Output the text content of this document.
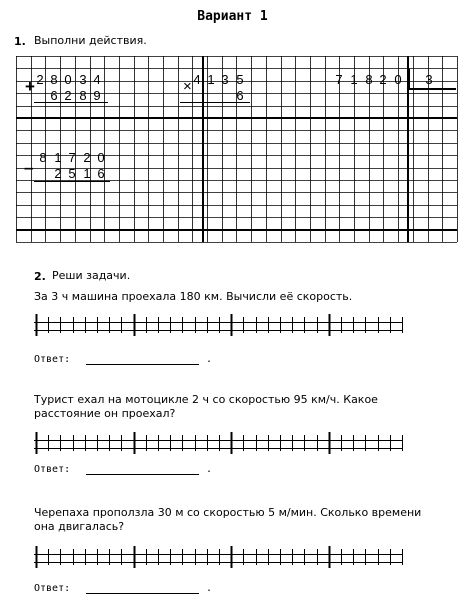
Вариант 1
1. Выполни действия.
+ 2 8 0 3 4
6 2 8 9
× 4 1 3 5
6
7 1 8 2 0 3
–
8 1 7 2 0
2 5 1 6
2. Реши задачи.
За 3 ч машина проехала 180 км. Вычисли её скорость.
Ответ:	.
Турист ехал на мотоцикле 2 ч со скоростью 95 км/ч. Какое расстояние он проехал?
Ответ:	.
Черепаха проползла 30 м со скоростью 5 м/мин. Сколько времени она двигалась?
Ответ:	.
